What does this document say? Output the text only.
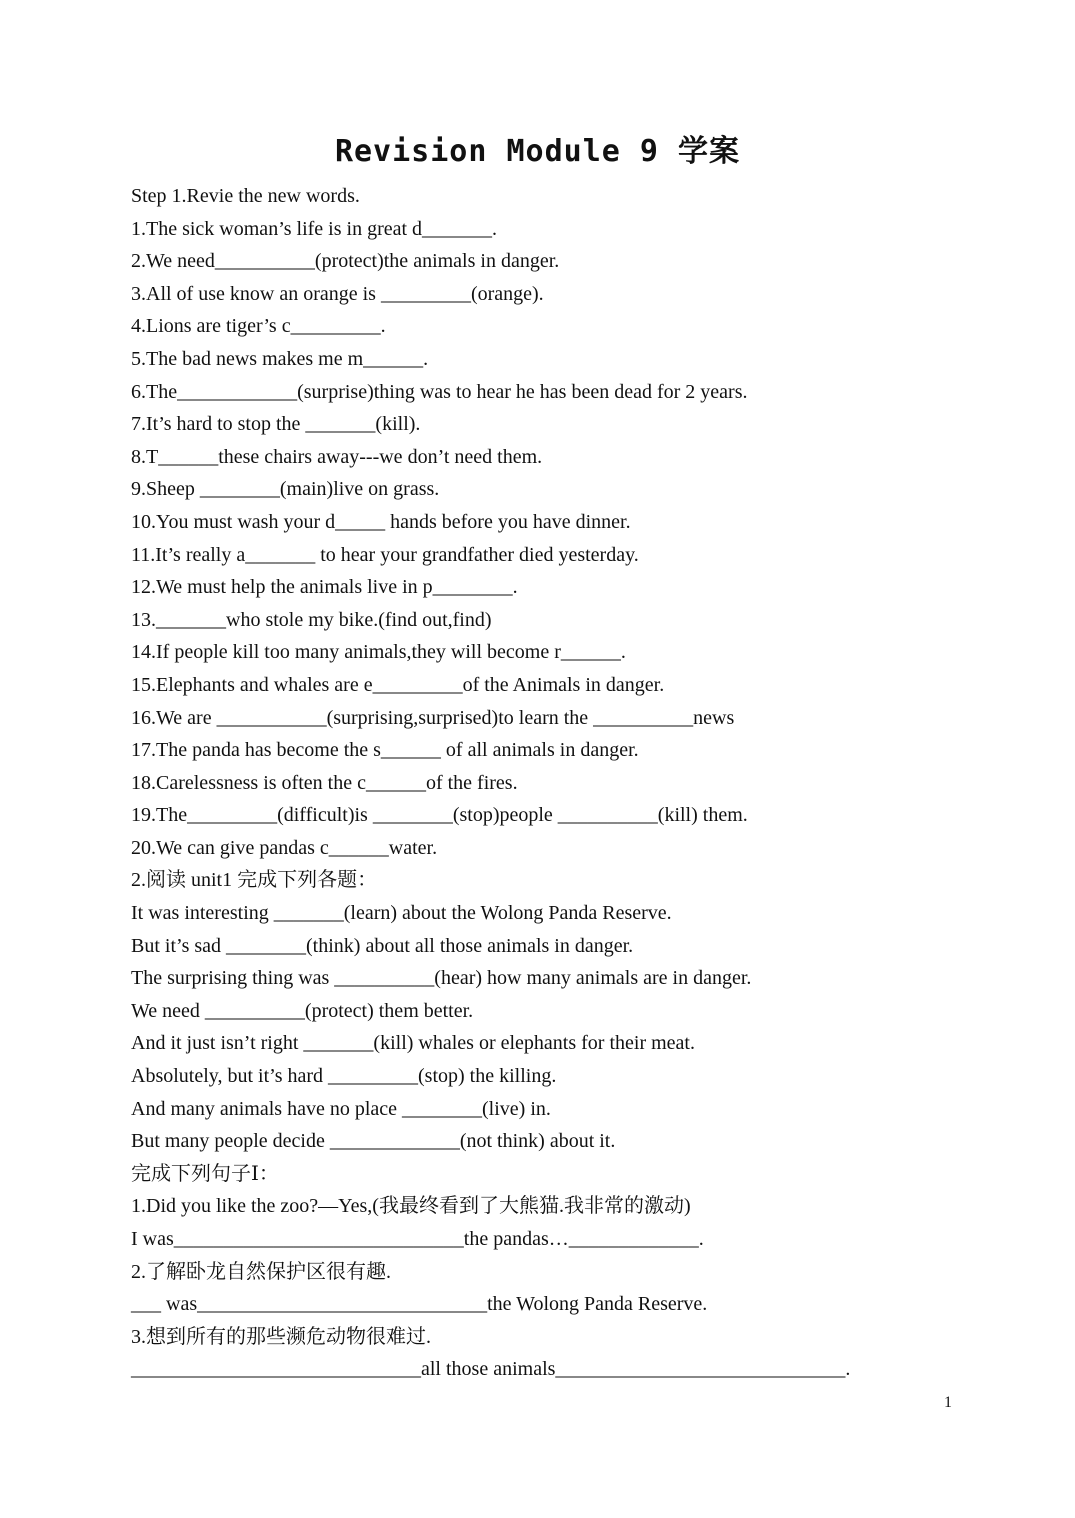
Revision Module 9 学案
Step 1.Revie the new words.
1.The sick woman’s life is in great d_______.
2.We need__________(protect)the animals in danger.
3.All of use know an orange is _________(orange).
4.Lions are tiger’s c_________.
5.The bad news makes me m______.
6.The____________(surprise)thing was to hear he has been dead for 2 years.
7.It’s hard to stop the _______(kill).
8.T______these chairs away---we don’t need them.
9.Sheep ________(main)live on grass.
10.You must wash your d_____ hands before you have dinner.
11.It’s really a_______ to hear your grandfather died yesterday.
12.We must help the animals live in p________.
13._______who stole my bike.(find out,find)
14.If people kill too many animals,they will become r______.
15.Elephants and whales are e_________of the Animals in danger.
16.We are ___________(surprising,surprised)to learn the __________news
17.The panda has become the s______ of all animals in danger.
18.Carelessness is often the c______of the fires.
19.The_________(difficult)is ________(stop)people __________(kill) them.
20.We can give pandas c______water.
2.阅读 unit1 完成下列各题：
It was interesting _______(learn) about the Wolong Panda Reserve.
But it’s sad ________(think) about all those animals in danger.
The surprising thing was __________(hear) how many animals are in danger.
We need __________(protect) them better.
And it just isn’t right _______(kill) whales or elephants for their meat.
Absolutely, but it’s hard _________(stop) the killing.
And many animals have no place ________(live) in.
But many people decide _____________(not think) about it.
完成下列句子Ⅰ：
1.Did you like the zoo?—Yes,(我最终看到了大熊猫.我非常的激动)
I was_____________________________the pandas…_____________.
2.了解卧龙自然保护区很有趣.
___ was_____________________________the Wolong Panda Reserve.
3.想到所有的那些濒危动物很难过.
_____________________________all those animals_____________________________.
1
